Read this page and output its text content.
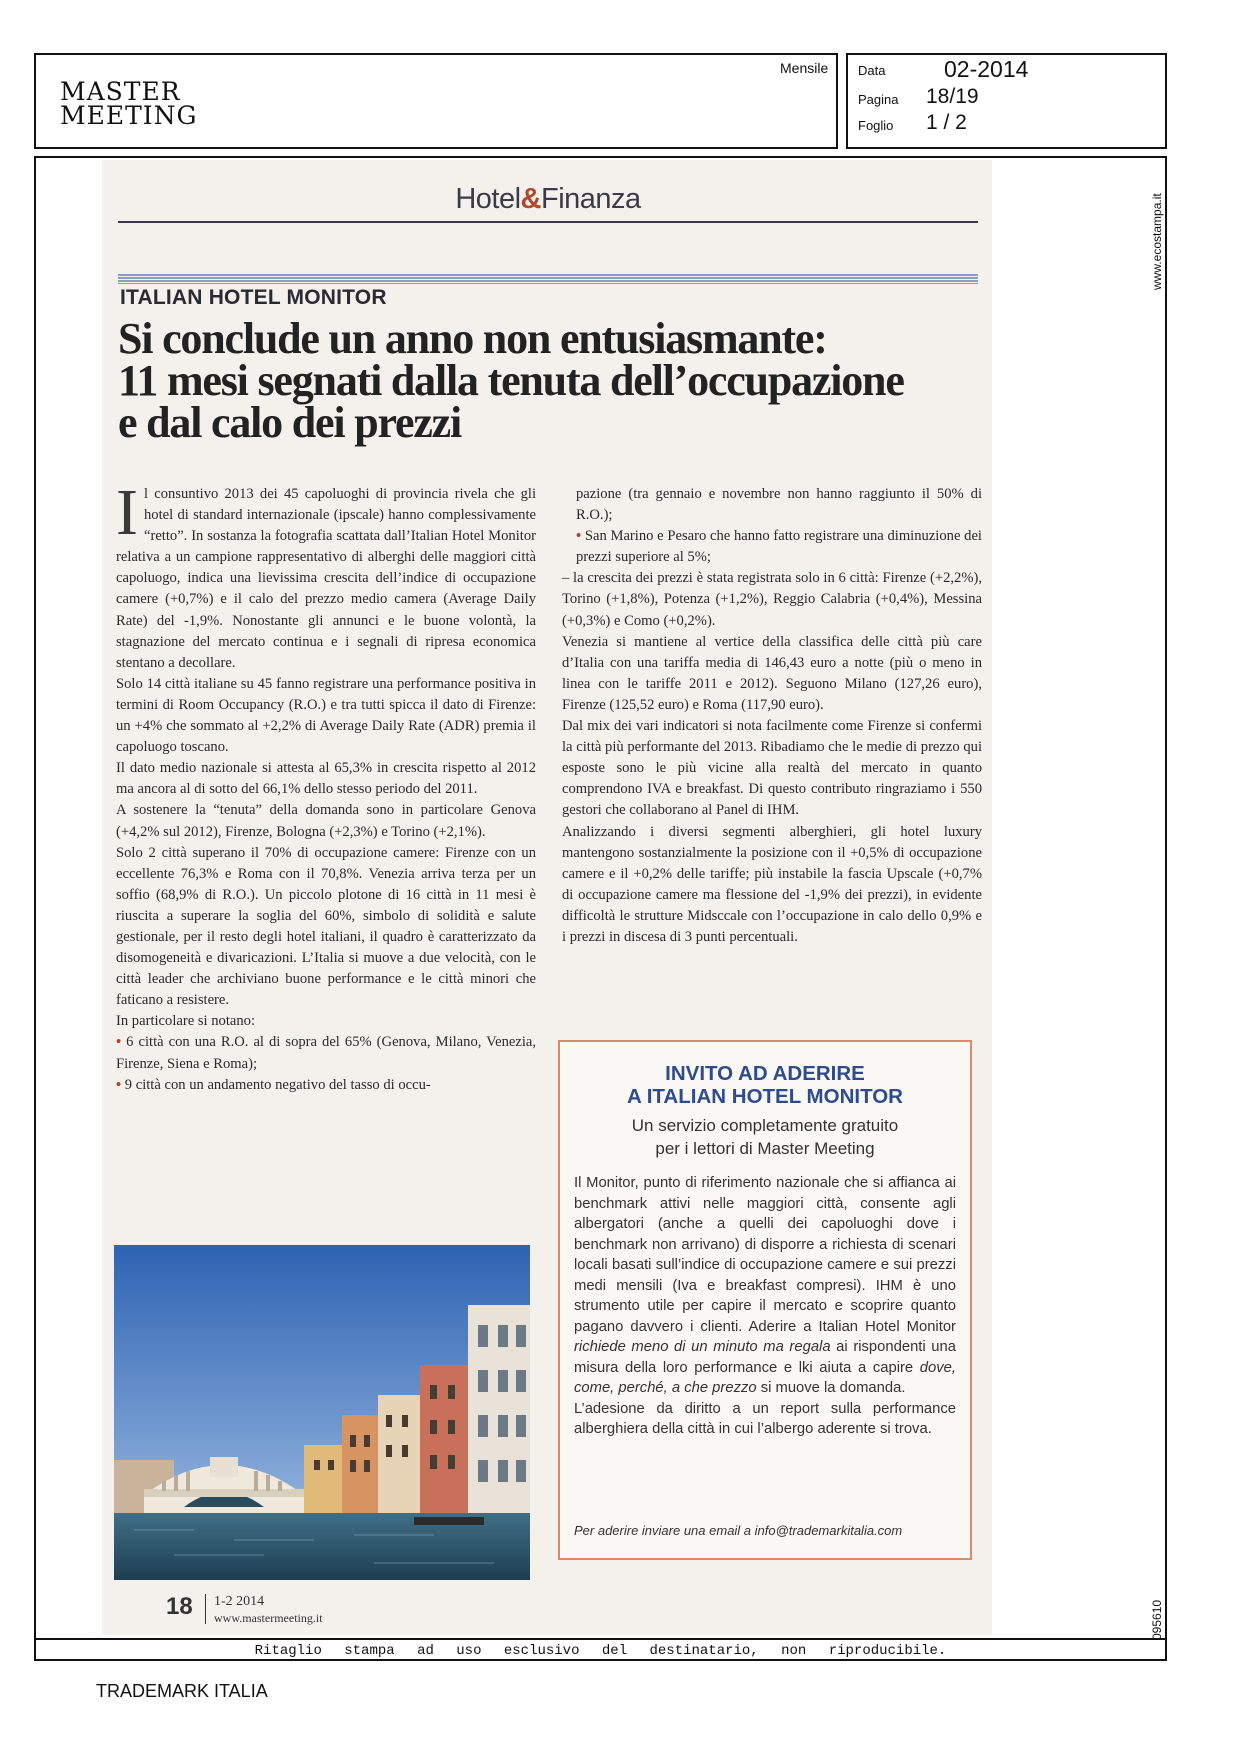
MASTER
MEETING
Mensile Data	02-2014
Pagina 18/19
Foglio 1 / 2
Ritaglio stampa ad uso esclusivo del destinatario, non riproducibile.
www.ecostampa.it
095610
TRADEMARK ITALIA
Hotel&Finanza
ITALIAN HOTEL MONITOR
Si conclude un anno non entusiasmante:
11 mesi segnati dalla tenuta dell’occupazione
e dal calo dei prezzi

Il consuntivo 2013 dei 45 capoluoghi di provincia rivela che gli hotel di standard internazionale (ipscale) hanno complessivamente “retto”. In sostanza la fotografia scattata dall’Italian Hotel Monitor relativa a un campione rappresentativo di alberghi delle maggiori città capoluogo, indica una lievissima crescita dell’indice di occupazione camere (+0,7%) e il calo del prezzo medio camera (Average Daily Rate) del -1,9%. Nonostante gli annunci e le buone volontà, la stagnazione del mercato continua e i segnali di ripresa economica stentano a decollare.

Solo 14 città italiane su 45 fanno registrare una performance positiva in termini di Room Occupancy (R.O.) e tra tutti spicca il dato di Firenze: un +4% che sommato al +2,2% di Average Daily Rate (ADR) premia il capoluogo toscano.

Il dato medio nazionale si attesta al 65,3% in crescita rispetto al 2012 ma ancora al di sotto del 66,1% dello stesso periodo del 2011.

A sostenere la “tenuta” della domanda sono in particolare Genova (+4,2% sul 2012), Firenze, Bologna (+2,3%) e Torino (+2,1%).

Solo 2 città superano il 70% di occupazione camere: Firenze con un eccellente 76,3% e Roma con il 70,8%. Venezia arriva terza per un soffio (68,9% di R.O.). Un piccolo plotone di 16 città in 11 mesi è riuscita a superare la soglia del 60%, simbolo di solidità e salute gestionale, per il resto degli hotel italiani, il quadro è caratterizzato da disomogeneità e divaricazioni. L’Italia si muove a due velocità, con le città leader che archiviano buone performance e le città minori che faticano a resistere.

In particolare si notano:

• 6 città con una R.O. al di sopra del 65% (Genova, Milano, Venezia, Firenze, Siena e Roma);

• 9 città con un andamento negativo del tasso di occu-

pazione (tra gennaio e novembre non hanno raggiunto il 50% di R.O.);

• San Marino e Pesaro che hanno fatto registrare una diminuzione dei prezzi superiore al 5%;

– la crescita dei prezzi è stata registrata solo in 6 città: Firenze (+2,2%), Torino (+1,8%), Potenza (+1,2%), Reggio Calabria (+0,4%), Messina (+0,3%) e Como (+0,2%).

Venezia si mantiene al vertice della classifica delle città più care d’Italia con una tariffa media di 146,43 euro a notte (più o meno in linea con le tariffe 2011 e 2012). Seguono Milano (127,26 euro), Firenze (125,52 euro) e Roma (117,90 euro).

Dal mix dei vari indicatori si nota facilmente come Firenze si confermi la città più performante del 2013. Ribadiamo che le medie di prezzo qui esposte sono le più vicine alla realtà del mercato in quanto comprendono IVA e breakfast. Di questo contributo ringraziamo i 550 gestori che collaborano al Panel di IHM.

Analizzando i diversi segmenti alberghieri, gli hotel luxury mantengono sostanzialmente la posizione con il +0,5% di occupazione camere e il +0,2% delle tariffe; più instabile la fascia Upscale (+0,7% di occupazione camere ma flessione del -1,9% dei prezzi), in evidente difficoltà le strutture Midsccale con l’occupazione in calo dello 0,9% e i prezzi in discesa di 3 punti percentuali.

INVITO AD ADERIRE
A ITALIAN HOTEL MONITOR
Un servizio completamente gratuito
per i lettori di Master Meeting

Il Monitor, punto di riferimento nazionale che si affianca ai benchmark attivi nelle maggiori città, consente agli albergatori (anche a quelli dei capoluoghi dove i benchmark non arrivano) di disporre a richiesta di scenari locali basati sull’indice di occupazione camere e sui prezzi medi mensili (Iva e breakfast compresi). IHM è uno strumento utile per capire il mercato e scoprire quanto pagano davvero i clienti. Aderire a Italian Hotel Monitor richiede meno di un minuto ma regala ai rispondenti una misura della loro performance e lki aiuta a capire dove, come, perché, a che prezzo si muove la domanda.

L’adesione da diritto a un report sulla performance alberghiera della città in cui l’albergo aderente si trova.

Per aderire inviare una email a info@trademarkitalia.com
18 1-2 2014
www.mastermeeting.it
